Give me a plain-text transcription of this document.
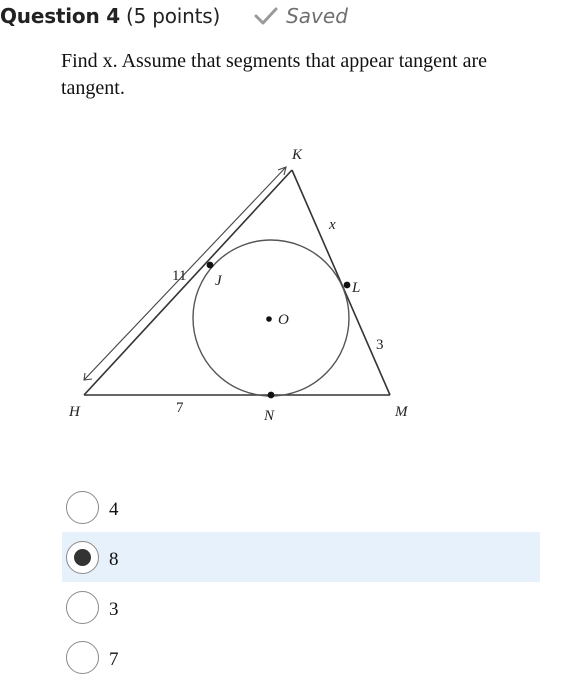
Question 4 (5 points)	Saved
Find x. Assume that segments that appear tangent are tangent.
K
H	M
J	L
N
O
11
x
3
7
4
8
3
7
